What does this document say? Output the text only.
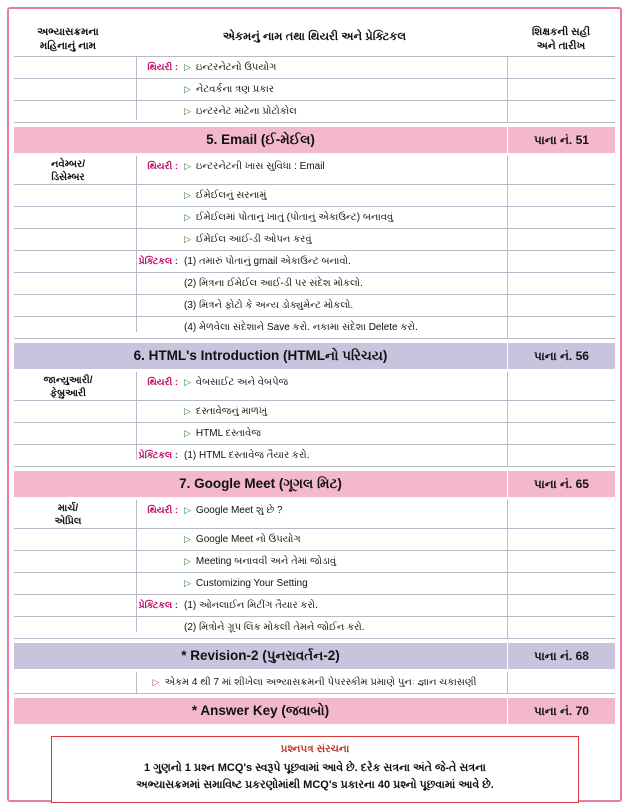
અભ્યાસક્રમના
મહિનાનું નામ
એકમનું નામ તથા થિયરી અને પ્રેક્ટિકલ	શિક્ષકની સહી
અને તારીખ
થિયરી : ▷ ઇન્ટરનેટનો ઉપયોગ
▷ નેટવર્કના ત્રણ પ્રકાર
▷ ઇન્ટરનેટ માટેના પ્રોટોકોલ
5. Email (ઈ-મેઈલ)	પાના નં. 51
નવેમ્બર/
ડિસેમ્બર
થિયરી : ▷ ઇન્ટરનેટની ખાસ સુવિધા : Email
▷ ઈમેઈલનું સરનામું
▷ ઈમેઈલમાં પોતાનું ખાતું (પોતાનું એકાઉન્ટ) બનાવવું
▷ ઈમેઈલ આઈ-ડી ઓપન કરવું
પ્રેક્ટિકલ : (1) તમારું પોતાનું gmail એકાઉન્ટ બનાવો.
(2) મિત્રના ઈમેઈલ આઈ-ડી પર સંદેશ મોકલો.
(3) મિત્રને ફોટો કે અન્ય ડોક્યુમેન્ટ મોકલો.
(4) મેળવેલા સંદેશાને Save કરો. નકામા સંદેશા Delete કરો.
6. HTML's Introduction (HTMLનો પરિચય)	પાના નં. 56
જાન્યુઆરી/
ફેબ્રુઆરી
થિયરી : ▷ વેબસાઈટ અને વેબપેજ
▷ દસ્તાવેજનું માળખું
▷ HTML દસ્તાવેજ
પ્રેક્ટિકલ : (1) HTML દસ્તાવેજ તૈયાર કરો.
7. Google Meet (ગૂગલ મિટ)	પાના નં. 65
માર્ચ/
એપ્રિલ
થિયરી : ▷ Google Meet શું છે ?
▷ Google Meet નો ઉપયોગ
▷ Meeting બનાવવી અને તેમાં જોડાવું
▷ Customizing Your Setting
પ્રેક્ટિકલ : (1) ઓનલાઈન મિટીંગ તૈયાર કરો.
(2) મિત્રોને ગ્રૂપ લિંક મોકલી તેમને જોઈન કરો.
* Revision-2 (પુનરાવર્તન-2)	પાના નં. 68
▷ એકમ 4 થી 7 માં શીખેલા અભ્યાસક્રમની પેપરસ્કીમ પ્રમાણે પુનઃ જ્ઞાન ચકાસણી
* Answer Key (જવાબો)	પાના નં. 70
પ્રશ્નપત્ર સંરચના
1 ગુણનો 1 પ્રશ્ન MCQ's સ્વરૂપે પૂછવામાં આવે છે. દરેક સત્રના અંતે જે-તે સત્રના
અભ્યાસક્રમમાં સમાવિષ્ટ પ્રકરણોમાંથી MCQ's પ્રકારના 40 પ્રશ્નો પૂછવામાં આવે છે.
